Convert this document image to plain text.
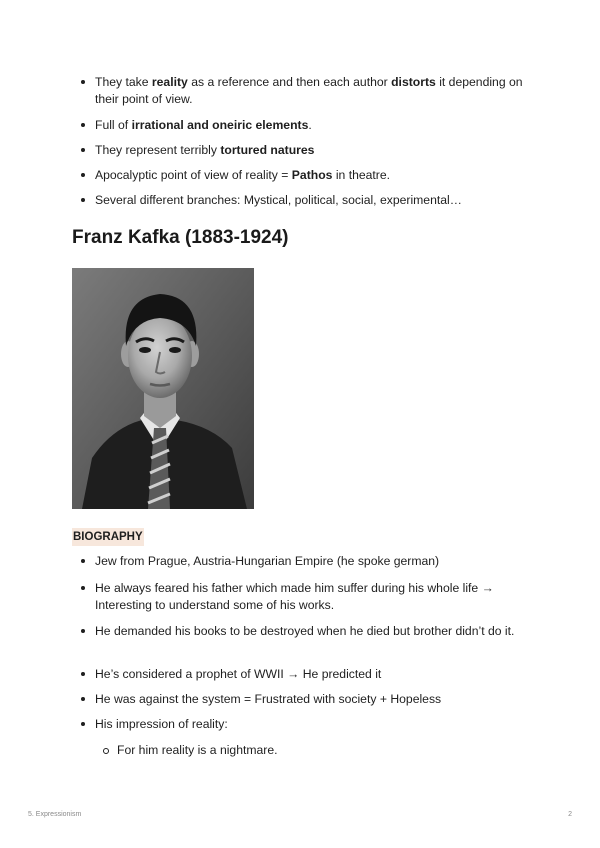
They take reality as a reference and then each author distorts it depending on their point of view.
Full of irrational and oneiric elements.
They represent terribly tortured natures
Apocalyptic point of view of reality = Pathos in theatre.
Several different branches: Mystical, political, social, experimental…
Franz Kafka (1883-1924)
BIOGRAPHY
Jew from Prague, Austria-Hungarian Empire (he spoke german)
He always feared his father which made him suffer during his whole life → Interesting to understand some of his works.
He demanded his books to be destroyed when he died but brother didn’t do it.
He’s considered a prophet of WWII → He predicted it
He was against the system = Frustrated with society + Hopeless
His impression of reality:
For him reality is a nightmare.
5. Expressionism	2
